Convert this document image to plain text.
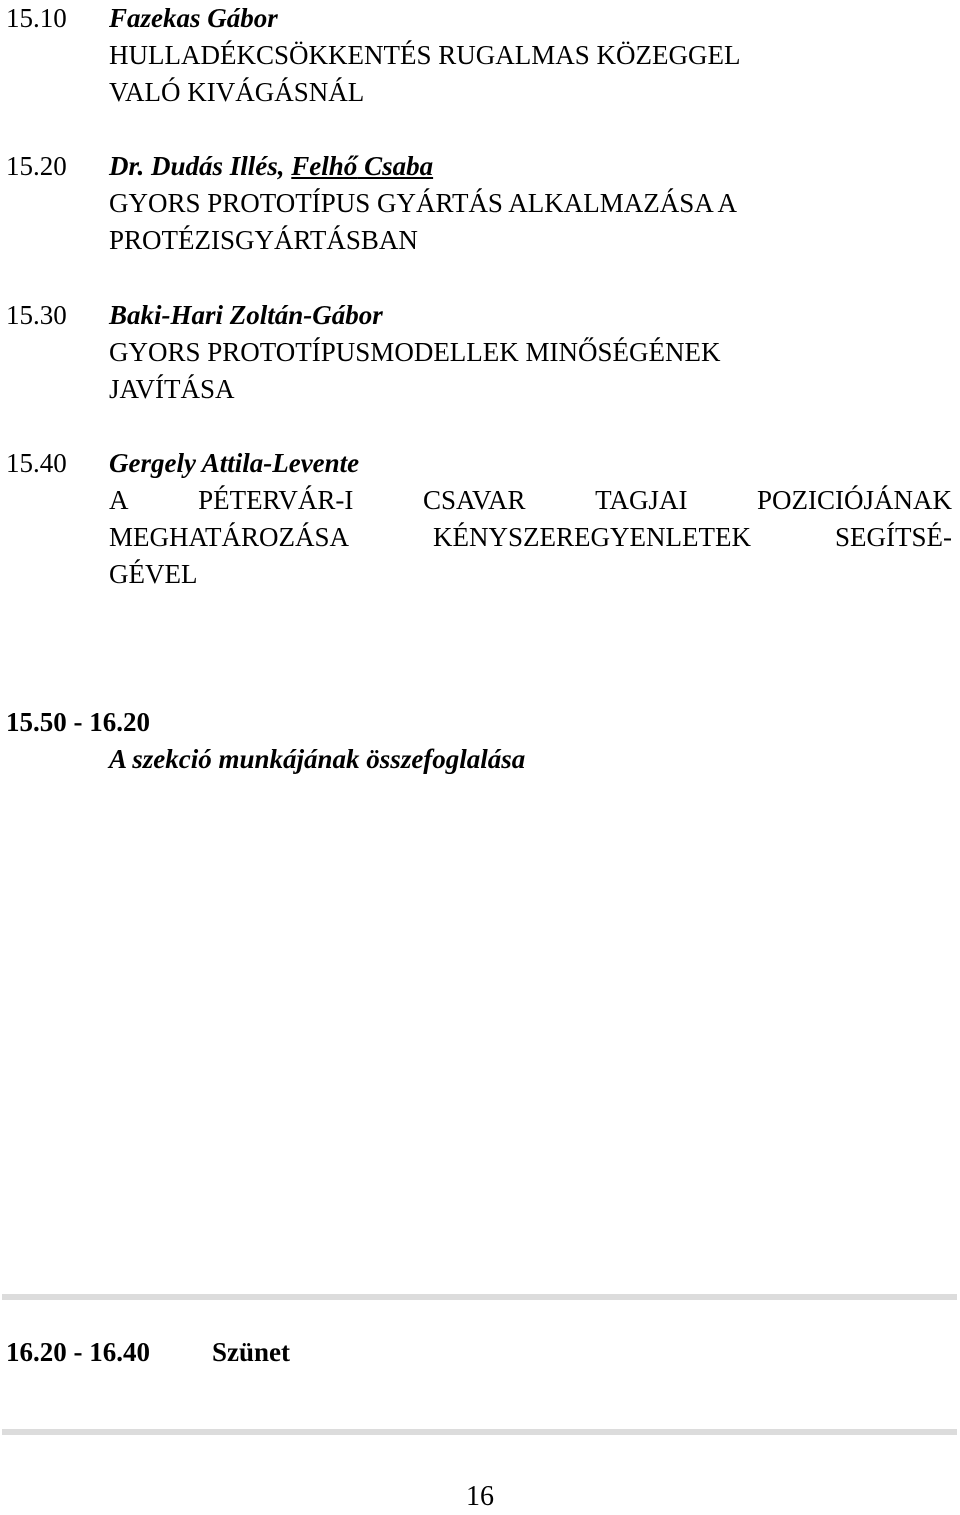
15.10 Fazekas Gábor
HULLADÉKCSÖKKENTÉS RUGALMAS KÖZEGGEL
VALÓ KIVÁGÁSNÁL
15.20 Dr. Dudás Illés, Felhő Csaba
GYORS PROTOTÍPUS GYÁRTÁS ALKALMAZÁSA A
PROTÉZISGYÁRTÁSBAN
15.30 Baki-Hari Zoltán-Gábor
GYORS PROTOTÍPUSMODELLEK MINŐSÉGÉNEK
JAVÍTÁSA
15.40 Gergely Attila-Levente
A	PÉTERVÁR-I	CSAVAR	TAGJAI	POZICIÓJÁNAK
MEGHATÁROZÁSA	KÉNYSZEREGYENLETEK	SEGÍTSÉ-
GÉVEL
15.50 - 16.20
A szekció munkájának összefoglalása
16.20 - 16.40 Szünet
16
